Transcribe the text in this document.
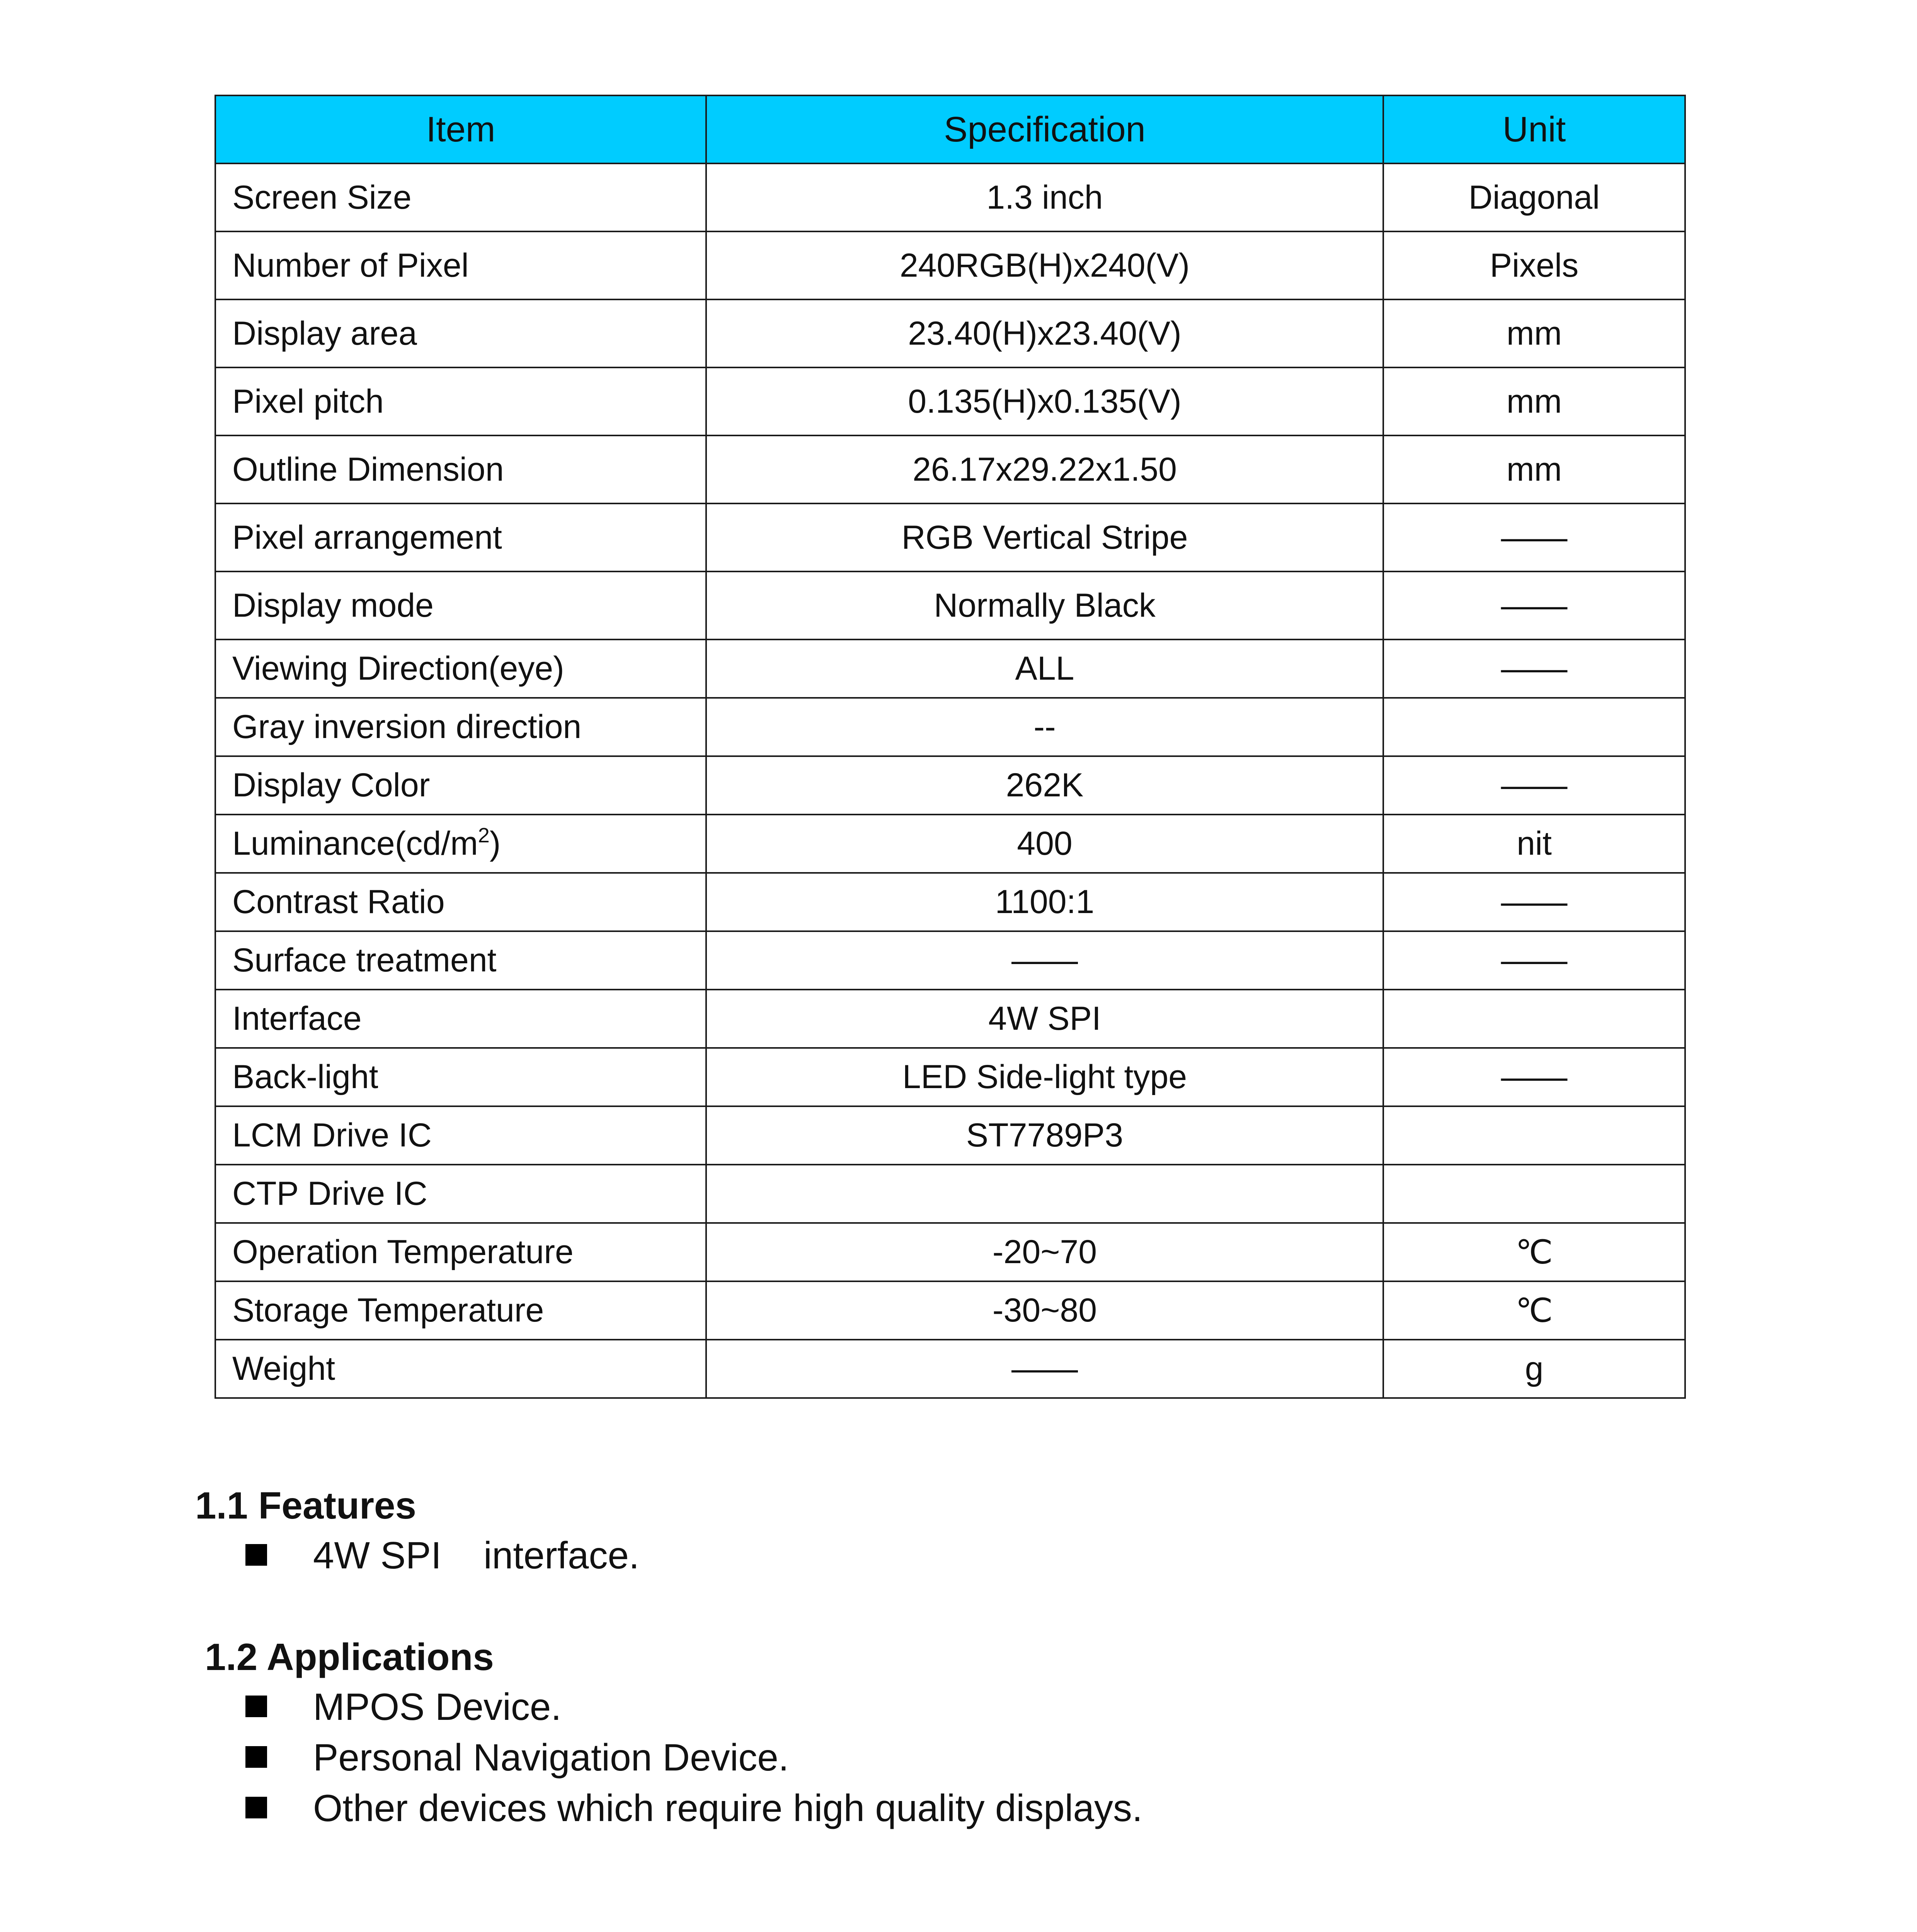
Item	Specification	Unit
Screen Size	1.3 inch	Diagonal
Number of Pixel	240RGB(H)x240(V)	Pixels
Display area	23.40(H)x23.40(V)	mm
Pixel pitch	0.135(H)x0.135(V)	mm
Outline Dimension	26.17x29.22x1.50	mm
Pixel arrangement	RGB Vertical Stripe	——
Display mode	Normally Black	——
Viewing Direction(eye)	ALL	——
Gray inversion direction	--	
Display Color	262K	——
$Luminance(cd/m^2)$	400	nit
Contrast Ratio	1100:1	——
Surface treatment	——	——
Interface	4W SPI	
Back-light	LED Side-light type	——
LCM Drive IC	ST7789P3	
CTP Drive IC		
Operation Temperature	-20~70	℃
Storage Temperature	-30~80	℃
Weight	——	g
1.1 Features

4W SPI    interface.

1.2 Applications

MPOS Device.

Personal Navigation Device.

Other devices which require high quality displays.
